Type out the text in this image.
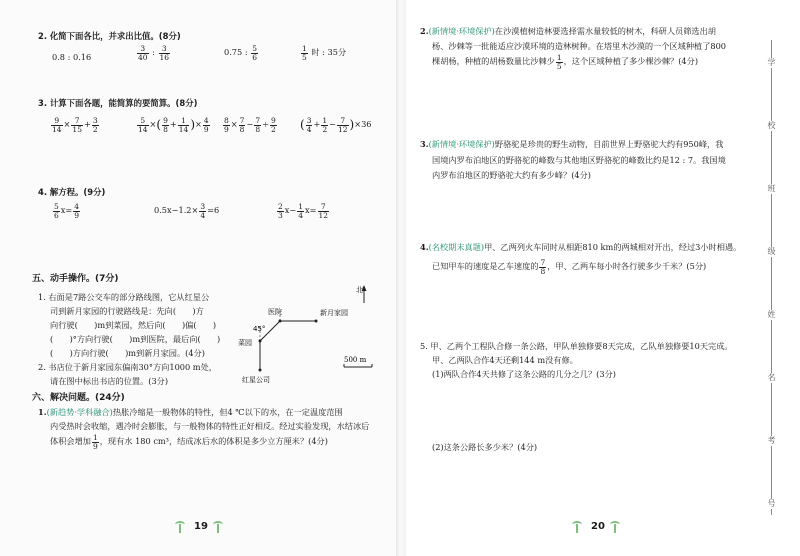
2. 化简下面各比，并求出比值。(8分)
0.8 : 0.16	$\frac{3}{40}$ : $\frac{3}{16}$	0.75 : $\frac{5}{6}$	$\frac{1}{5}$ 时 : 35分
3. 计算下面各题，能简算的要简算。(8分)
$\frac{9}{14} \times \frac{7}{15} + \frac{3}{2}$	$\frac{5}{14}$ ×( $\frac{9}{8} + \frac{1}{14}$ )× $\frac{4}{9} \frac{8}{9} \times \frac{7}{8} - \frac{7}{8} \div \frac{9}{2}$ ( $\frac{3}{4} + \frac{1}{2} - \frac{7}{12} )\times 36$
4. 解方程。(9分)
$\frac{5}{6} x= \frac{4}{9}$	$0.5x-1.2\times \frac{3}{4} =6$	$\frac{2}{3} x- \frac{1}{4} x= \frac{7}{12}$
五、动手操作。(7分)
1. 右面是7路公交车的部分路线图，它从红星公
司到新月家园的行驶路线是：先向(　　)方
向行驶(　　)m到菜园，然后向(　　)偏(　　)
(　　)°方向行驶(　　)m到医院，最后向(　　)
(　　)方向行驶(　　)m到新月家园。(4分)
2. 书店位于新月家园东偏南30°方向1000 m处，
请在图中标出书店的位置。(3分)
北
医院
45°
菜园
新月家园
红星公司
500 m
六、解决问题。(24分)
1.(新趋势·学科融合)热胀冷缩是一般物体的特性，但4 ℃以下的水，在一定温度范围
内受热时会收缩，遇冷时会膨胀，与一般物体的特性正好相反。经过实验发现，水结冰后
体积会增加 $\frac{1}{9}$ ，现有水 180 cm³，结成冰后水的体积是多少立方厘米？(4分)
19
2.(新情境·环境保护)在沙漠植树造林要选择需水量较低的树木，科研人员筛选出胡
杨、沙棘等一批能适应沙漠环境的造林树种。在塔里木沙漠的一个区域种植了800
棵胡杨，种植的胡杨数量比沙棘少 $\frac{1}{5}$ ，这个区域种植了多少棵沙棘？(4分)
3.(新情境·环境保护)野骆驼是珍贵的野生动物，目前世界上野骆驼大约有950峰，我
国境内罗布泊地区的野骆驼的峰数与其他地区野骆驼的峰数比约是12 : 7。我国境
内罗布泊地区的野骆驼大约有多少峰？(4分)
4.(名校期末真题)甲、乙两列火车同时从相距810 km的两城相对开出，经过3小时相遇。
已知甲车的速度是乙车速度的 $\frac{7}{8}$ ，甲、乙两车每小时各行驶多少千米？(5分)
5. 甲、乙两个工程队合修一条公路，甲队单独修要8天完成，乙队单独修要10天完成。
甲、乙两队合作4天还剩144 m没有修。
(1)两队合作4天共修了这条公路的几分之几？(3分)
(2)这条公路长多少米？(4分)
学
校
班
级
姓
名
考
号
20
